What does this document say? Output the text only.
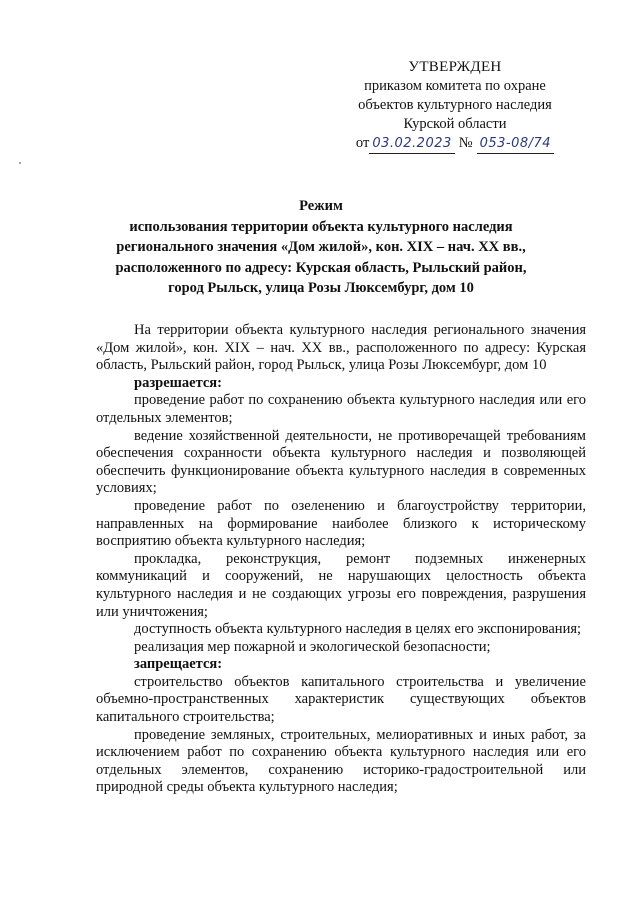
УТВЕРЖДЕН
приказом комитета по охране
объектов культурного наследия
Курской области
от 03.02.2023 № 053-08/74
Режим
использования территории объекта культурного наследия
регионального значения «Дом жилой», кон. XIX – нач. XX вв.,
расположенного по адресу: Курская область, Рыльский район,
город Рыльск, улица Розы Люксембург, дом 10

На территории объекта культурного наследия регионального значения «Дом жилой», кон. XIX – нач. XX вв., расположенного по адресу: Курская область, Рыльский район, город Рыльск, улица Розы Люксембург, дом 10

разрешается:

проведение работ по сохранению объекта культурного наследия или его отдельных элементов;

ведение хозяйственной деятельности, не противоречащей требованиям обеспечения сохранности объекта культурного наследия и позволяющей обеспечить функционирование объекта культурного наследия в современных условиях;

проведение работ по озеленению и благоустройству территории, направленных на формирование наиболее близкого к историческому восприятию объекта культурного наследия;

прокладка, реконструкция, ремонт подземных инженерных коммуникаций и сооружений, не нарушающих целостность объекта культурного наследия и не создающих угрозы его повреждения, разрушения или уничтожения;

доступность объекта культурного наследия в целях его экспонирования;

реализация мер пожарной и экологической безопасности;

запрещается:

строительство объектов капитального строительства и увеличение объемно-пространственных характеристик существующих объектов капитального строительства;

проведение земляных, строительных, мелиоративных и иных работ, за исключением работ по сохранению объекта культурного наследия или его отдельных элементов, сохранению историко-градостроительной или природной среды объекта культурного наследия;
